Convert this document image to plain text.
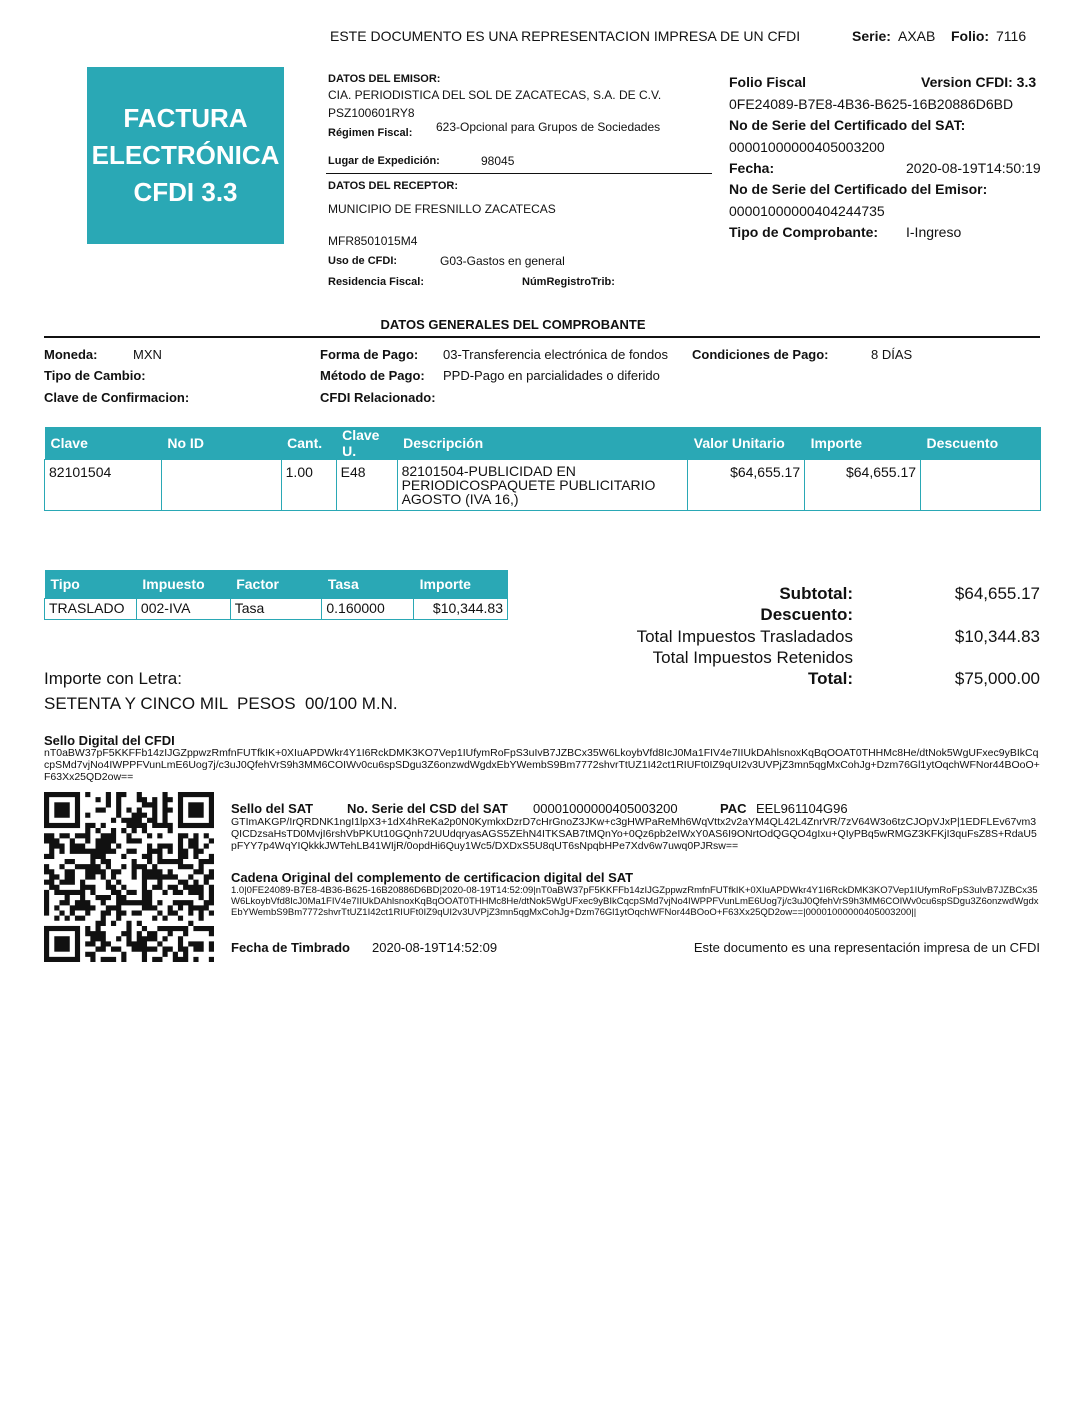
ESTE DOCUMENTO ES UNA REPRESENTACION IMPRESA DE UN CFDI	Serie: AXAB Folio: 7116
FACTURA
ELECTRÓNICA
CFDI 3.3
DATOS DEL EMISOR:
CIA. PERIODISTICA DEL SOL DE ZACATECAS, S.A. DE C.V.
PSZ100601RY8
Régimen Fiscal: 623-Opcional para Grupos de Sociedades
Lugar de Expedición:	98045
DATOS DEL RECEPTOR:
MUNICIPIO DE FRESNILLO ZACATECAS
MFR8501015M4
Uso de CFDI:	G03-Gastos en general
Residencia Fiscal:	NúmRegistroTrib:
Folio Fiscal	Version CFDI: 3.3
0FE24089-B7E8-4B36-B625-16B20886D6BD
No de Serie del Certificado del SAT:
00001000000405003200
Fecha:	2020-08-19T14:50:19
No de Serie del Certificado del Emisor:
00001000000404244735
Tipo de Comprobante: I-Ingreso
DATOS GENERALES DEL COMPROBANTE
Moneda:	MXN
Tipo de Cambio:
Clave de Confirmacion:
Forma de Pago: 03-Transferencia electrónica de fondos
Método de Pago: PPD-Pago en parcialidades o diferido
CFDI Relacionado:
Condiciones de Pago:	8 DÍAS
Clave	No ID	Cant.	Clave U.	Descripción	Valor Unitario	Importe	Descuento
82101504		1.00	E48	82101504-PUBLICIDAD EN PERIODICOSPAQUETE PUBLICITARIO AGOSTO (IVA 16,)	$64,655.17	$64,655.17	
Tipo	Impuesto	Factor	Tasa	Importe
TRASLADO	002-IVA	Tasa	0.160000	$10,344.83
Subtotal:	$64,655.17
Descuento:
Total Impuestos Trasladados	$10,344.83
Total Impuestos Retenidos
Total:	$75,000.00
Importe con Letra:
SETENTA Y CINCO MIL  PESOS  00/100 M.N.
Sello Digital del CFDI
nT0aBW37pF5KKFFb14zIJGZppwzRmfnFUTfkIK+0XIuAPDWkr4Y1I6RckDMK3KO7Vep1IUfymRoFpS3uIvB7JZBCx35W6LkoybVfd8IcJ0Ma1FIV4e7IIUkDAhlsnoxKqBqOOAT0THHMc8He/dtNok5WgUFxec9yBIkCqcpSMd7vjNo4IWPPFVunLmE6Uog7j/c3uJ0QfehVrS9h3MM6COIWv0cu6spSDgu3Z6onzwdWgdxEbYWembS9Bm7772shvrTtUZ1I42ct1RIUFt0IZ9qUI2v3UVPjZ3mn5qgMxCohJg+Dzm76Gl1ytOqchWFNor44BOoO+F63Xx25QD2ow==
Sello del SAT	No. Serie del CSD del SAT 00001000000405003200	PAC EEL961104G96
GTImAKGP/IrQRDNK1ngI1lpX3+1dX4hReKa2p0N0KymkxDzrD7cHrGnoZ3JKw+c3gHWPaReMh6WqVttx2v2aYM4QL42L4ZnrVR/7zV64W3o6tzCJOpVJxP|1EDFLEv67vm3QICDzsaHsTD0MvjI6rshVbPKUt10GQnh72UUdqryasAGS5ZEhN4ITKSAB7tMQnYo+0Qz6pb2eIWxY0AS6I9ONrtOdQGQO4gIxu+QIyPBq5wRMGZ3KFKjI3quFsZ8S+RdaU5pFYY7p4WqYIQkkkJWTehLB41WIjR/0opdHi6Quy1Wc5/DXDxS5U8qUT6sNpqbHPe7Xdv6w7uwq0PJRsw==
Cadena Original del complemento de certificacion digital del SAT
1.0|0FE24089-B7E8-4B36-B625-16B20886D6BD|2020-08-19T14:52:09|nT0aBW37pF5KKFFb14zIJGZppwzRmfnFUTfkIK+0XIuAPDWkr4Y1I6RckDMK3KO7Vep1IUfymRoFpS3uIvB7JZBCx35W6LkoybVfd8IcJ0Ma1FIV4e7IIUkDAhlsnoxKqBqOOAT0THHMc8He/dtNok5WgUFxec9yBIkCqcpSMd7vjNo4IWPPFVunLmE6Uog7j/c3uJ0QfehVrS9h3MM6COIWv0cu6spSDgu3Z6onzwdWgdxEbYWembS9Bm7772shvrTtUZ1I42ct1RIUFt0IZ9qUI2v3UVPjZ3mn5qgMxCohJg+Dzm76Gl1ytOqchWFNor44BOoO+F63Xx25QD2ow==|00001000000405003200||
Fecha de Timbrado 2020-08-19T14:52:09	Este documento es una representación impresa de un CFDI
